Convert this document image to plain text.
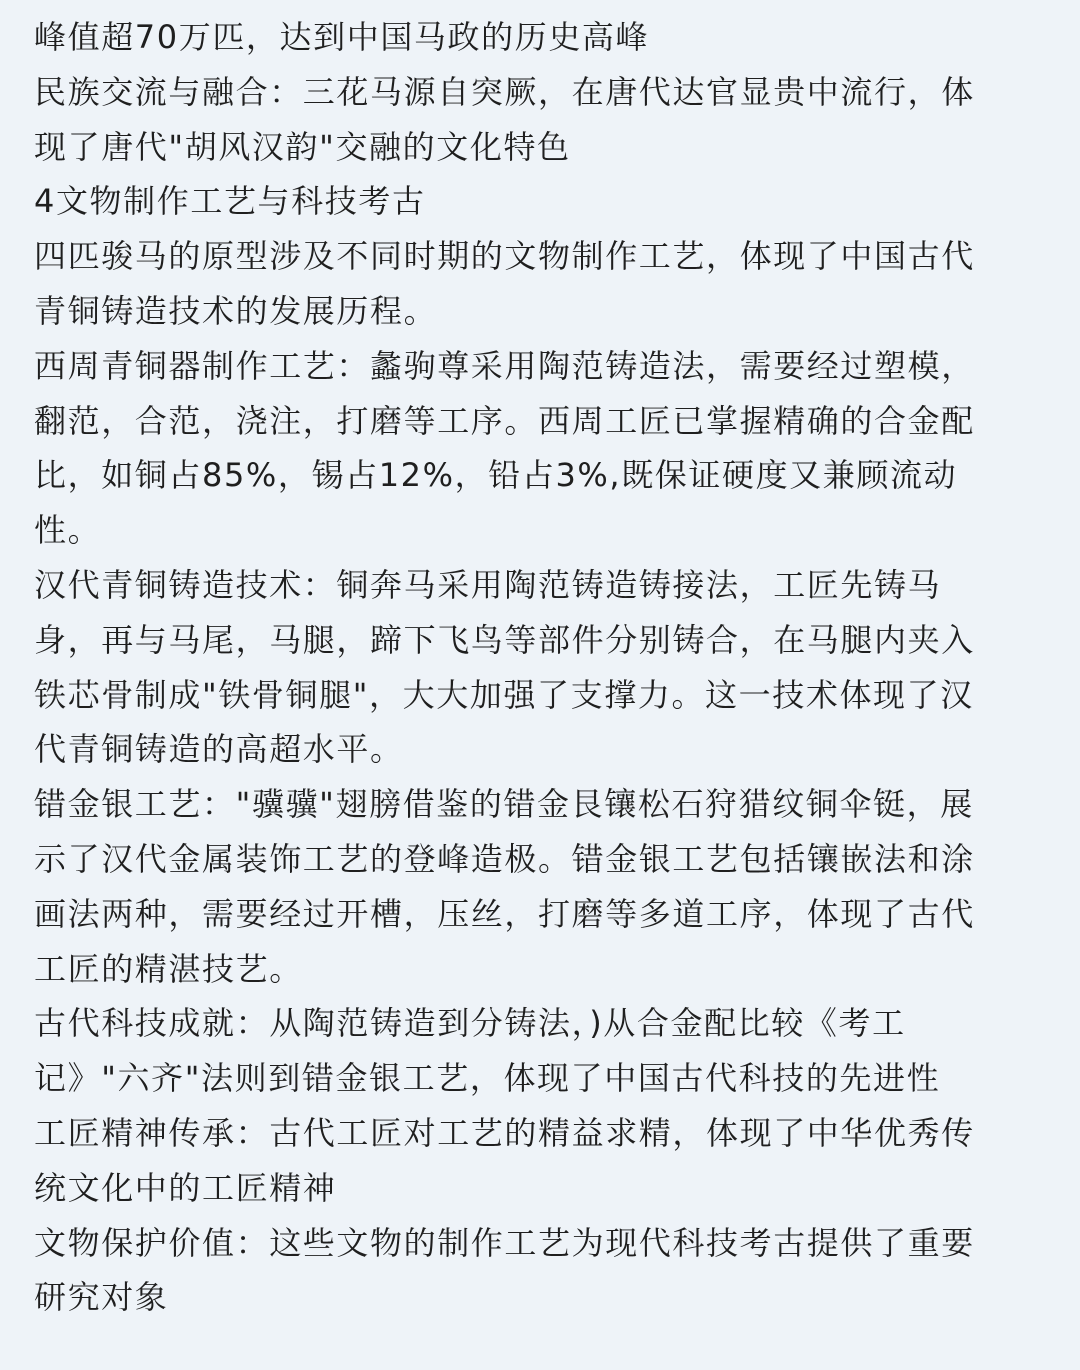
峰值超70万匹，达到中国马政的历史高峰
民族交流与融合：三花马源自突厥，在唐代达官显贵中流行，体
现了唐代"胡风汉韵"交融的文化特色
4文物制作工艺与科技考古
四匹骏马的原型涉及不同时期的文物制作工艺，体现了中国古代
青铜铸造技术的发展历程。
西周青铜器制作工艺：蠡驹尊采用陶范铸造法，需要经过塑模，
翻范，合范，浇注，打磨等工序。西周工匠已掌握精确的合金配
比，如铜占85%，锡占12%，铅占3%,既保证硬度又兼顾流动
性。
汉代青铜铸造技术：铜奔马采用陶范铸造铸接法，工匠先铸马
身，再与马尾，马腿，蹄下飞鸟等部件分别铸合，在马腿内夹入
铁芯骨制成"铁骨铜腿"，大大加强了支撑力。这一技术体现了汉
代青铜铸造的高超水平。
错金银工艺："骥骥"翅膀借鉴的错金艮镶松石狩猎纹铜伞铤，展
示了汉代金属装饰工艺的登峰造极。错金银工艺包括镶嵌法和涂
画法两种，需要经过开槽，压丝，打磨等多道工序，体现了古代
工匠的精湛技艺。
古代科技成就：从陶范铸造到分铸法，)从合金配比较《考工
记》"六齐"法则到错金银工艺，体现了中国古代科技的先进性
工匠精神传承：古代工匠对工艺的精益求精，体现了中华优秀传
统文化中的工匠精神
文物保护价值：这些文物的制作工艺为现代科技考古提供了重要
研究对象
